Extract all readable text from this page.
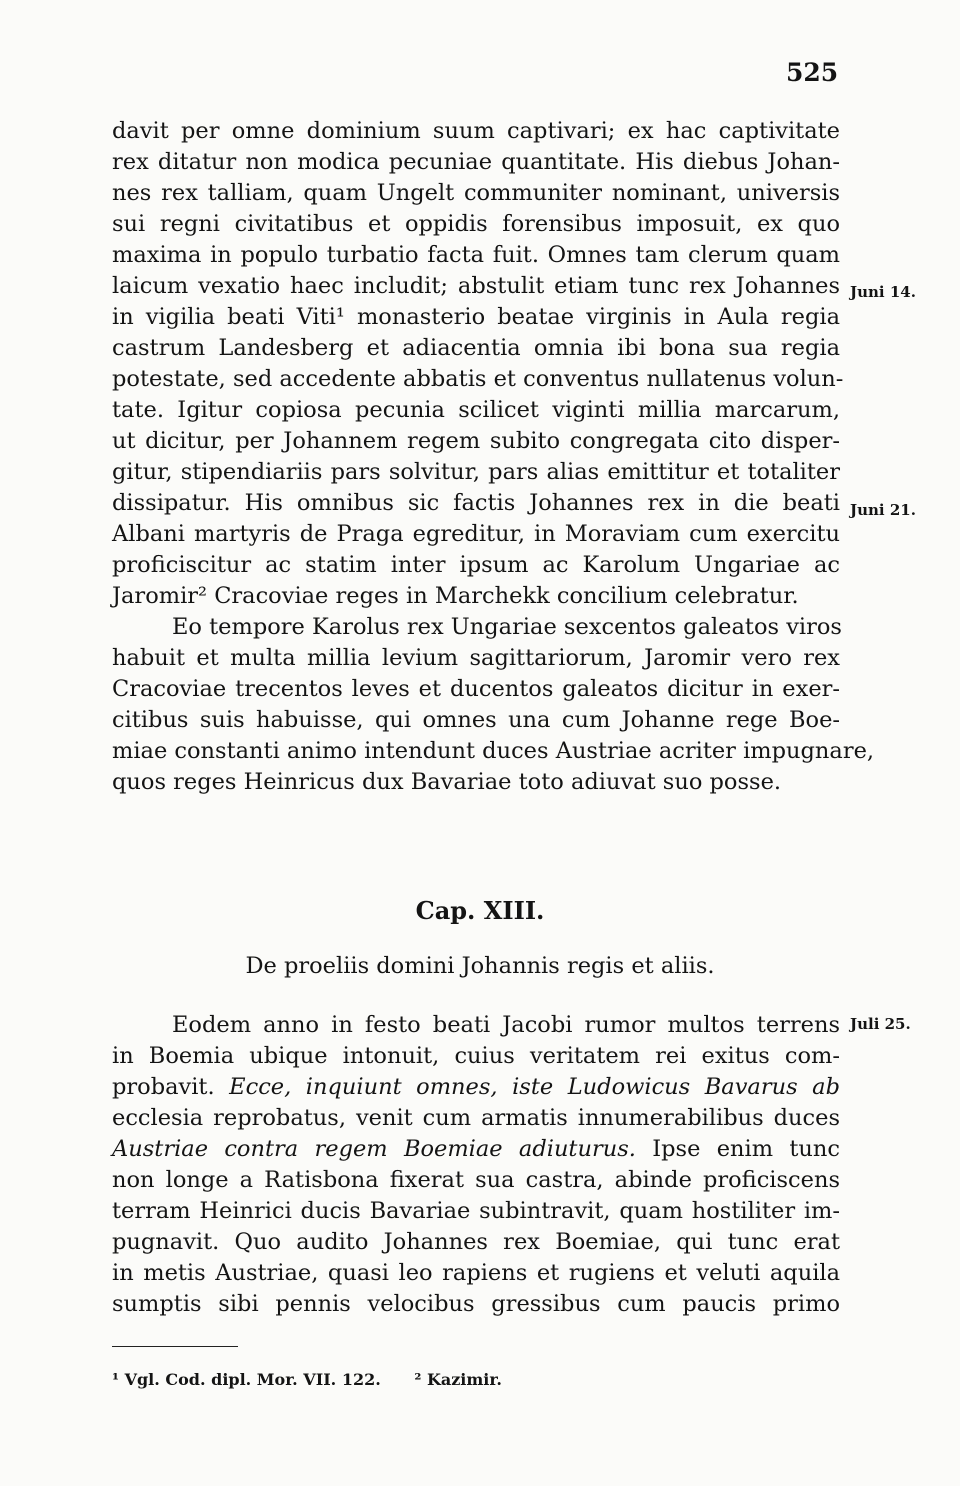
525
davit per omne dominium suum captivari; ex hac captivitate
rex ditatur non modica pecuniae quantitate. His diebus Johan-
nes rex talliam, quam Ungelt communiter nominant, universis
sui regni civitatibus et oppidis forensibus imposuit, ex quo
maxima in populo turbatio facta fuit. Omnes tam clerum quam
laicum vexatio haec includit; abstulit etiam tunc rex Johannes
in vigilia beati Viti¹ monasterio beatae virginis in Aula regia
castrum Landesberg et adiacentia omnia ibi bona sua regia
potestate, sed accedente abbatis et conventus nullatenus volun-
tate. Igitur copiosa pecunia scilicet viginti millia marcarum,
ut dicitur, per Johannem regem subito congregata cito disper-
gitur, stipendiariis pars solvitur, pars alias emittitur et totaliter
dissipatur. His omnibus sic factis Johannes rex in die beati
Albani martyris de Praga egreditur, in Moraviam cum exercitu
proficiscitur ac statim inter ipsum ac Karolum Ungariae ac
Jaromir² Cracoviae reges in Marchekk concilium celebratur.
Eo tempore Karolus rex Ungariae sexcentos galeatos viros
habuit et multa millia levium sagittariorum, Jaromir vero rex
Cracoviae trecentos leves et ducentos galeatos dicitur in exer-
citibus suis habuisse, qui omnes una cum Johanne rege Boe-
miae constanti animo intendunt duces Austriae acriter impugnare,
quos reges Heinricus dux Bavariae toto adiuvat suo posse.
Juni 14.
Juni 21.
Juli 25.
Cap. XIII.
De proeliis domini Johannis regis et aliis.
Eodem anno in festo beati Jacobi rumor multos terrens
in Boemia ubique intonuit, cuius veritatem rei exitus com-
probavit. Ecce, inquiunt omnes, iste Ludowicus Bavarus ab
ecclesia reprobatus, venit cum armatis innumerabilibus duces
Austriae contra regem Boemiae adiuturus. Ipse enim tunc
non longe a Ratisbona fixerat sua castra, abinde proficiscens
terram Heinrici ducis Bavariae subintravit, quam hostiliter im-
pugnavit. Quo audito Johannes rex Boemiae, qui tunc erat
in metis Austriae, quasi leo rapiens et rugiens et veluti aquila
sumptis sibi pennis velocibus gressibus cum paucis primo
¹ Vgl. Cod. dipl. Mor. VII. 122. ² Kazimir.
